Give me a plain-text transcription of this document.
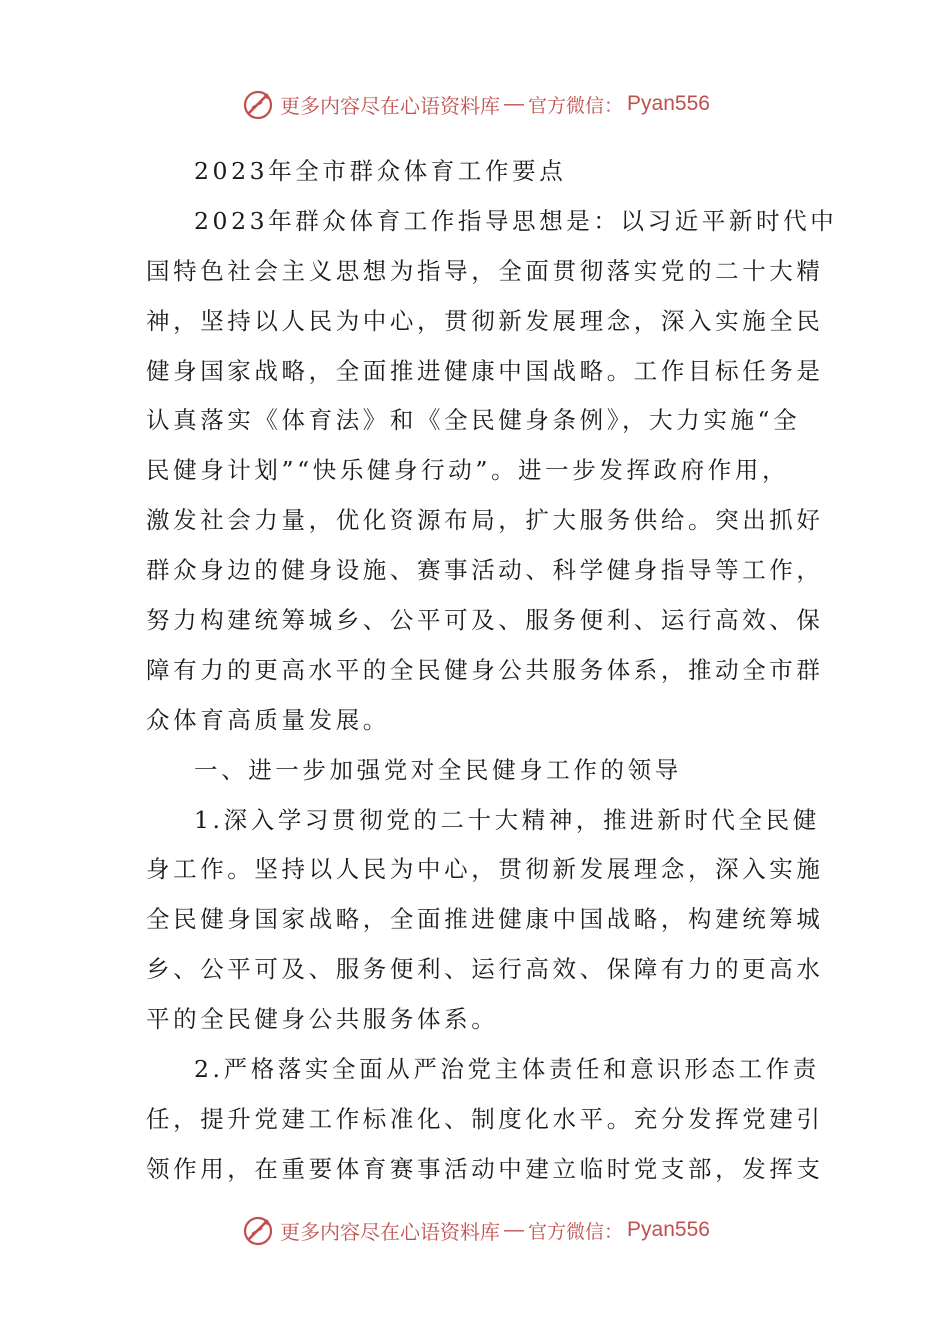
更多内容尽在心语资料库 — 官方微信： Pyan556
2023年全市群众体育工作要点
2023年群众体育工作指导思想是：以习近平新时代中
国特色社会主义思想为指导，全面贯彻落实党的二十大精
神，坚持以人民为中心，贯彻新发展理念，深入实施全民
健身国家战略，全面推进健康中国战略。工作目标任务是
认真落实《体育法》和《全民健身条例》，大力实施“全
民健身计划”“快乐健身行动”。进一步发挥政府作用，
激发社会力量，优化资源布局，扩大服务供给。突出抓好
群众身边的健身设施、赛事活动、科学健身指导等工作，
努力构建统筹城乡、公平可及、服务便利、运行高效、保
障有力的更高水平的全民健身公共服务体系，推动全市群
众体育高质量发展。
一、进一步加强党对全民健身工作的领导
1.深入学习贯彻党的二十大精神，推进新时代全民健
身工作。坚持以人民为中心，贯彻新发展理念，深入实施
全民健身国家战略，全面推进健康中国战略，构建统筹城
乡、公平可及、服务便利、运行高效、保障有力的更高水
平的全民健身公共服务体系。
2.严格落实全面从严治党主体责任和意识形态工作责
任，提升党建工作标准化、制度化水平。充分发挥党建引
领作用，在重要体育赛事活动中建立临时党支部，发挥支
更多内容尽在心语资料库 — 官方微信： Pyan556
